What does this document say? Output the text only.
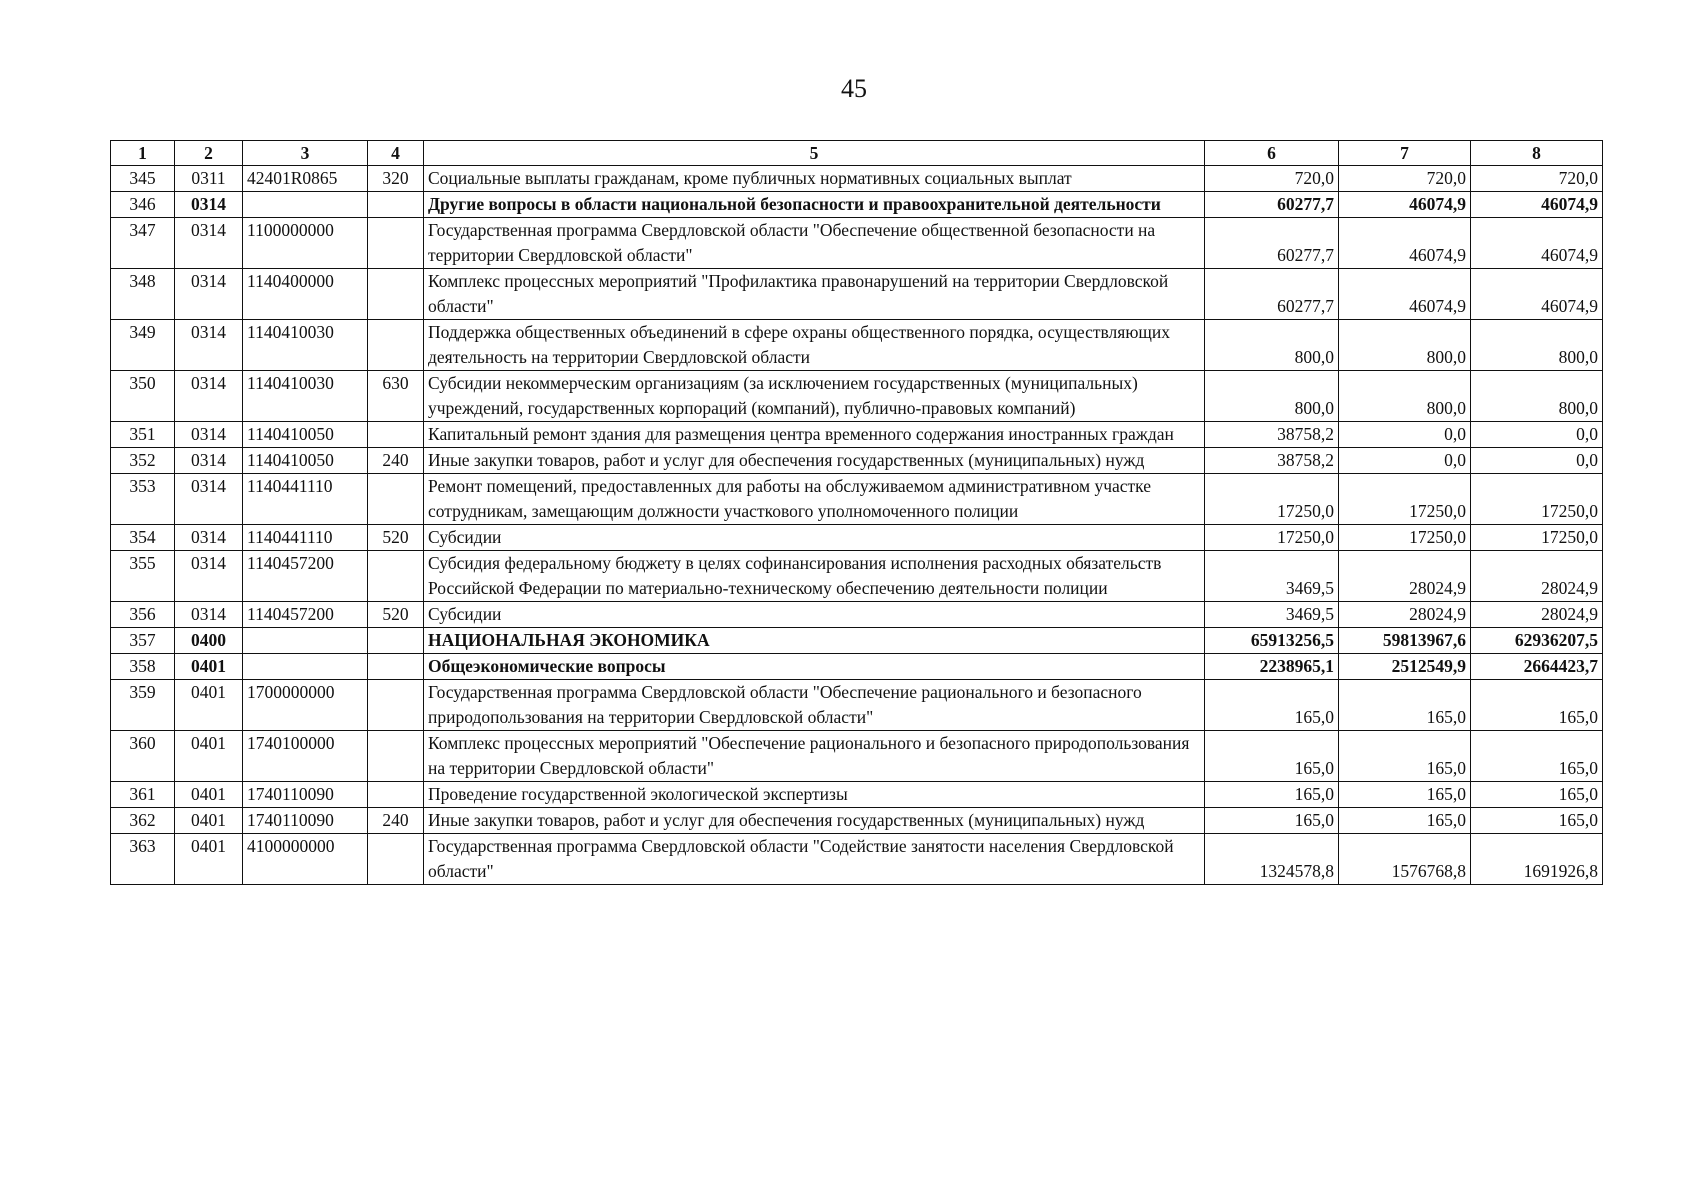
45
1	2	3	4	5	6	7	8
345	0311	42401R0865	320	Социальные выплаты гражданам, кроме публичных нормативных социальных выплат	720,0	720,0	720,0
346	0314			Другие вопросы в области национальной безопасности и правоохранительной деятельности	60277,7	46074,9	46074,9
347	0314	1100000000		Государственная программа Свердловской области "Обеспечение общественной безопасности на территории Свердловской области"	60277,7	46074,9	46074,9
348	0314	1140400000		Комплекс процессных мероприятий "Профилактика правонарушений на территории Свердловской области"	60277,7	46074,9	46074,9
349	0314	1140410030		Поддержка общественных объединений в сфере охраны общественного порядка, осуществляющих деятельность на территории Свердловской области	800,0	800,0	800,0
350	0314	1140410030	630	Субсидии некоммерческим организациям (за исключением государственных (муниципальных) учреждений, государственных корпораций (компаний), публично-правовых компаний)	800,0	800,0	800,0
351	0314	1140410050		Капитальный ремонт здания для размещения центра временного содержания иностранных граждан	38758,2	0,0	0,0
352	0314	1140410050	240	Иные закупки товаров, работ и услуг для обеспечения государственных (муниципальных) нужд	38758,2	0,0	0,0
353	0314	1140441110		Ремонт помещений, предоставленных для работы на обслуживаемом административном участке сотрудникам, замещающим должности участкового уполномоченного полиции	17250,0	17250,0	17250,0
354	0314	1140441110	520	Субсидии	17250,0	17250,0	17250,0
355	0314	1140457200		Субсидия федеральному бюджету в целях софинансирования исполнения расходных обязательств Российской Федерации по материально-техническому обеспечению деятельности полиции	3469,5	28024,9	28024,9
356	0314	1140457200	520	Субсидии	3469,5	28024,9	28024,9
357	0400			НАЦИОНАЛЬНАЯ ЭКОНОМИКА	65913256,5	59813967,6	62936207,5
358	0401			Общеэкономические вопросы	2238965,1	2512549,9	2664423,7
359	0401	1700000000		Государственная программа Свердловской области "Обеспечение рационального и безопасного природопользования на территории Свердловской области"	165,0	165,0	165,0
360	0401	1740100000		Комплекс процессных мероприятий "Обеспечение рационального и безопасного природопользования на территории Свердловской области"	165,0	165,0	165,0
361	0401	1740110090		Проведение государственной экологической экспертизы	165,0	165,0	165,0
362	0401	1740110090	240	Иные закупки товаров, работ и услуг для обеспечения государственных (муниципальных) нужд	165,0	165,0	165,0
363	0401	4100000000		Государственная программа Свердловской области "Содействие занятости населения Свердловской области"	1324578,8	1576768,8	1691926,8
